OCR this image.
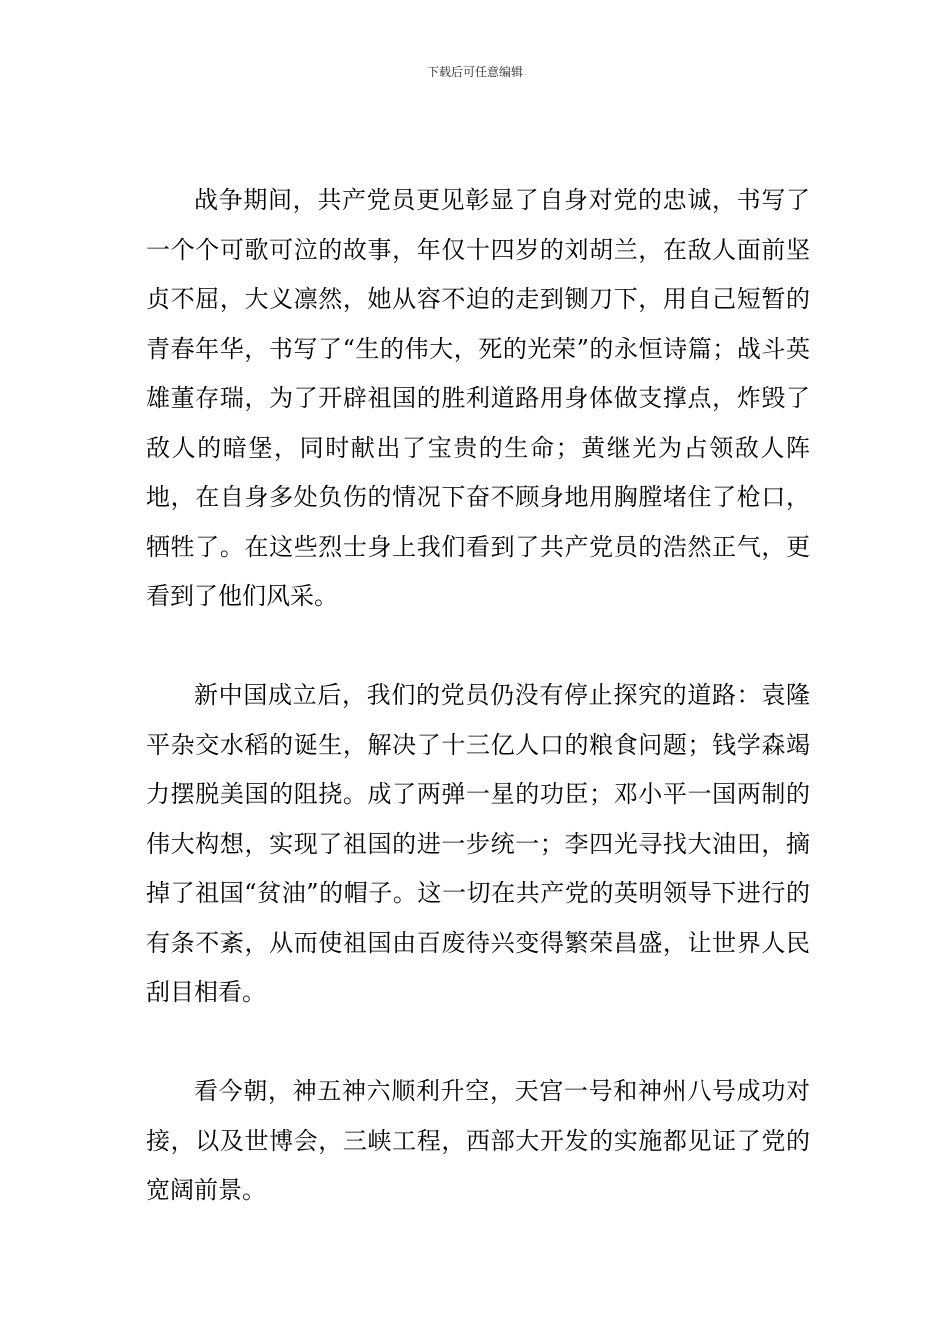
下载后可任意编辑

战争期间，共产党员更见彰显了自身对党的忠诚，书写了一个个可歌可泣的故事，年仅十四岁的刘胡兰，在敌人面前坚贞不屈，大义凛然，她从容不迫的走到铡刀下，用自己短暂的青春年华，书写了“生的伟大，死的光荣”的永恒诗篇；战斗英雄董存瑞，为了开辟祖国的胜利道路用身体做支撑点，炸毁了敌人的暗堡，同时献出了宝贵的生命；黄继光为占领敌人阵地，在自身多处负伤的情况下奋不顾身地用胸膛堵住了枪口，牺牲了。在这些烈士身上我们看到了共产党员的浩然正气，更看到了他们风采。

新中国成立后，我们的党员仍没有停止探究的道路：袁隆平杂交水稻的诞生，解决了十三亿人口的粮食问题；钱学森竭力摆脱美国的阻挠。成了两弹一星的功臣；邓小平一国两制的伟大构想，实现了祖国的进一步统一；李四光寻找大油田，摘掉了祖国“贫油”的帽子。这一切在共产党的英明领导下进行的有条不紊，从而使祖国由百废待兴变得繁荣昌盛，让世界人民刮目相看。

看今朝，神五神六顺利升空，天宫一号和神州八号成功对接，以及世博会，三峡工程，西部大开发的实施都见证了党的宽阔前景。
